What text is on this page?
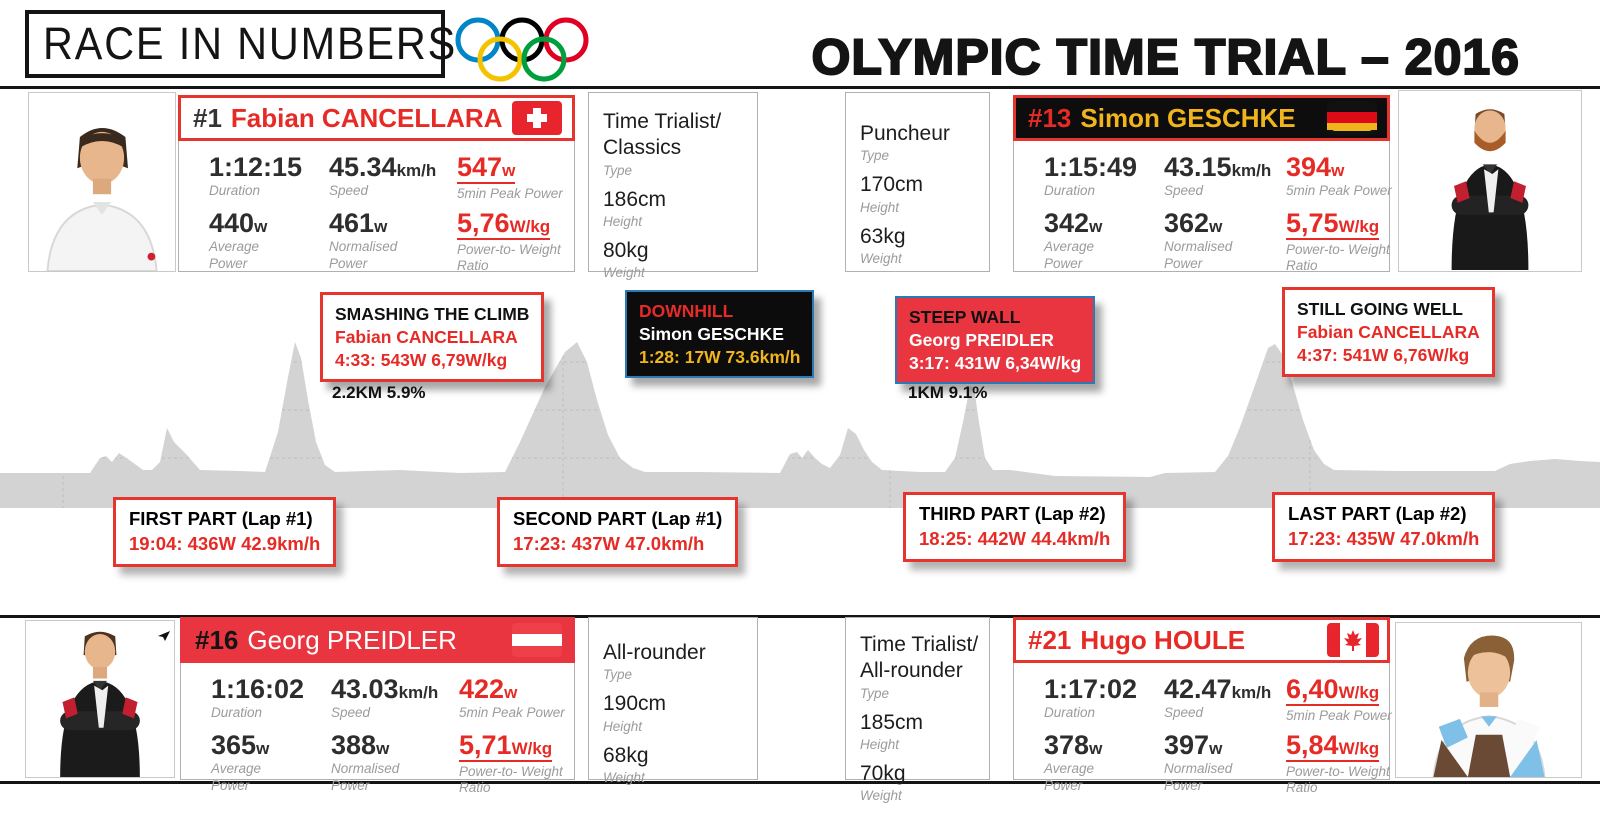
RACE IN NUMBERS	OLYMPIC TIME TRIAL – 2016
#1 Fabian CANCELLARA
1:12:15
Duration
45.34km/h
Speed
547w
5min Peak Power
440w
Average Power
461w
Normalised Power
5,76W/kg
Power-to- Weight Ratio
Time Trialist/ Classics
Type
186cm
Height
80kg
Weight
Puncheur
Type
170cm
Height
63kg
Weight
#13 Simon GESCHKE
1:15:49
Duration
43.15km/h
Speed
394w
5min Peak Power
342w
Average Power
362w
Normalised Power
5,75W/kg
Power-to- Weight Ratio
SMASHING THE CLIMB
Fabian CANCELLARA
4:33: 543W 6,79W/kg
2.2KM 5.9%
DOWNHILL
Simon GESCHKE
1:28: 17W 73.6km/h
STEEP WALL
Georg PREIDLER
3:17: 431W 6,34W/kg
1KM 9.1%
STILL GOING WELL
Fabian CANCELLARA
4:37: 541W 6,76W/kg
FIRST PART (Lap #1)
19:04: 436W 42.9km/h
SECOND PART (Lap #1)
17:23: 437W 47.0km/h
THIRD PART (Lap #2)
18:25: 442W 44.4km/h
LAST PART (Lap #2)
17:23: 435W 47.0km/h
#16 Georg PREIDLER
1:16:02
Duration
43.03km/h
Speed
422w
5min Peak Power
365w
Average Power
388w
Normalised Power
5,71W/kg
Power-to- Weight Ratio
All-rounder
Type
190cm
Height
68kg
Weight
Time Trialist/ All-rounder
Type
185cm
Height
70kg
Weight
#21 Hugo HOULE
1:17:02
Duration
42.47km/h
Speed
6,40W/kg
5min Peak Power
378w
Average Power
397w
Normalised Power
5,84W/kg
Power-to- Weight Ratio
